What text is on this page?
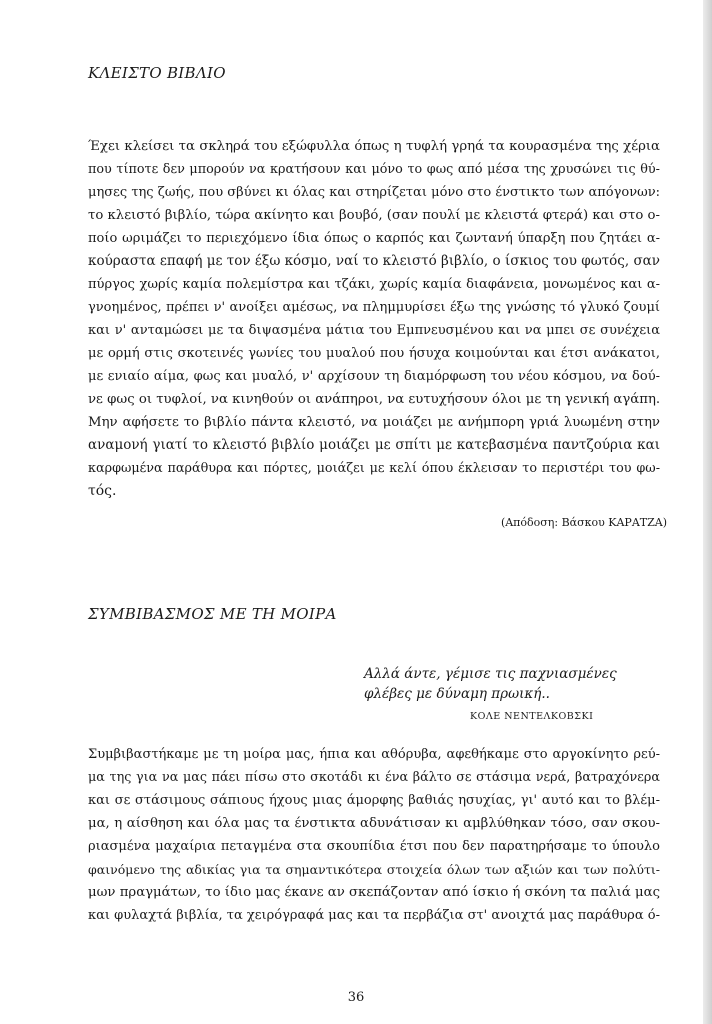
ΚΛΕΙΣΤΟ ΒΙΒΛΙΟ
Έχει κλείσει τα σκληρά του εξώφυλλα όπως η τυφλή γρηά τα κουρασμένα της χέρια
που τίποτε δεν μπορούν να κρατήσουν και μόνο το φως από μέσα της χρυσώνει τις θύ-
μησες της ζωής, που σβύνει κι όλας και στηρίζεται μόνο στο ένστικτο των απόγονων:
το κλειστό βιβλίο, τώρα ακίνητο και βουβό, (σαν πουλί με κλειστά φτερά) και στο ο-
ποίο ωριμάζει το περιεχόμενο ίδια όπως ο καρπός και ζωντανή ύπαρξη που ζητάει α-
κούραστα επαφή με τον έξω κόσμο, ναί το κλειστό βιβλίο, ο ίσκιος του φωτός, σαν
πύργος χωρίς καμία πολεμίστρα και τζάκι, χωρίς καμία διαφάνεια, μονωμένος και α-
γνοημένος, πρέπει ν' ανοίξει αμέσως, να πλημμυρίσει έξω της γνώσης τό γλυκό ζουμί
και ν' ανταμώσει με τα διψασμένα μάτια του Εμπνευσμένου και να μπει σε συνέχεια
με ορμή στις σκοτεινές γωνίες του μυαλού που ήσυχα κοιμούνται και έτσι ανάκατοι,
με ενιαίο αίμα, φως και μυαλό, ν' αρχίσουν τη διαμόρφωση του νέου κόσμου, να δού-
νε φως οι τυφλοί, να κινηθούν οι ανάπηροι, να ευτυχήσουν όλοι με τη γενική αγάπη.
Μην αφήσετε το βιβλίο πάντα κλειστό, να μοιάζει με ανήμπορη γριά λυωμένη στην
αναμονή γιατί το κλειστό βιβλίο μοιάζει με σπίτι με κατεβασμένα παντζούρια και
καρφωμένα παράθυρα και πόρτες, μοιάζει με κελί όπου έκλεισαν το περιστέρι του φω-
τός.
(Απόδοση: Βάσκου ΚΑΡΑΤΖΑ)
ΣΥΜΒΙΒΑΣΜΟΣ ΜΕ ΤΗ ΜΟΙΡΑ
Αλλά άντε, γέμισε τις παχνιασμένες
φλέβες με δύναμη πρωική..
ΚΟΛΕ ΝΕΝΤΕΛΚΟΒΣΚΙ
Συμβιβαστήκαμε με τη μοίρα μας, ήπια και αθόρυβα, αφεθήκαμε στο αργοκίνητο ρεύ-
μα της για να μας πάει πίσω στο σκοτάδι κι ένα βάλτο σε στάσιμα νερά, βατραχόνερα
και σε στάσιμους σάπιους ήχους μιας άμορφης βαθιάς ησυχίας, γι' αυτό και το βλέμ-
μα, η αίσθηση και όλα μας τα ένστικτα αδυνάτισαν κι αμβλύθηκαν τόσο, σαν σκου-
ριασμένα μαχαίρια πεταγμένα στα σκουπίδια έτσι που δεν παρατηρήσαμε το ύπουλο
φαινόμενο της αδικίας για τα σημαντικότερα στοιχεία όλων των αξιών και των πολύτι-
μων πραγμάτων, το ίδιο μας έκανε αν σκεπάζονταν από ίσκιο ή σκόνη τα παλιά μας
και φυλαχτά βιβλία, τα χειρόγραφά μας και τα περβάζια στ' ανοιχτά μας παράθυρα ό-
36
